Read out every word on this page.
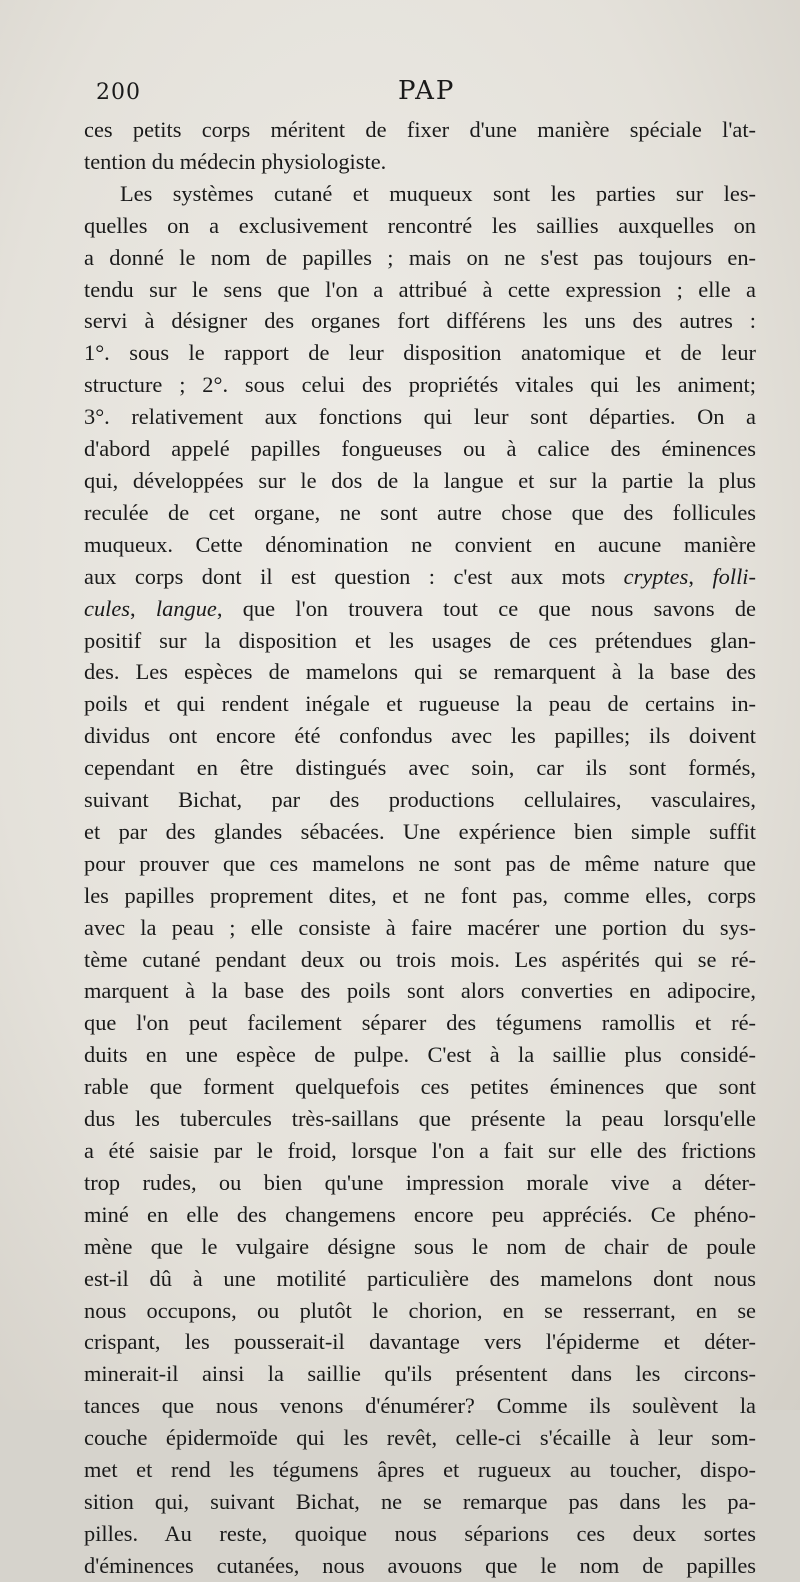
200	PAP
ces petits corps méritent de fixer d'une manière spéciale l'at-
tention du médecin physiologiste.
Les systèmes cutané et muqueux sont les parties sur les-
quelles on a exclusivement rencontré les saillies auxquelles on
a donné le nom de papilles ; mais on ne s'est pas toujours en-
tendu sur le sens que l'on a attribué à cette expression ; elle a
servi à désigner des organes fort différens les uns des autres :
1°. sous le rapport de leur disposition anatomique et de leur
structure ; 2°. sous celui des propriétés vitales qui les animent;
3°. relativement aux fonctions qui leur sont départies. On a
d'abord appelé papilles fongueuses ou à calice des éminences
qui, développées sur le dos de la langue et sur la partie la plus
reculée de cet organe, ne sont autre chose que des follicules
muqueux. Cette dénomination ne convient en aucune manière
aux corps dont il est question : c'est aux mots cryptes, folli-
cules, langue, que l'on trouvera tout ce que nous savons de
positif sur la disposition et les usages de ces prétendues glan-
des. Les espèces de mamelons qui se remarquent à la base des
poils et qui rendent inégale et rugueuse la peau de certains in-
dividus ont encore été confondus avec les papilles; ils doivent
cependant en être distingués avec soin, car ils sont formés,
suivant Bichat, par des productions cellulaires, vasculaires,
et par des glandes sébacées. Une expérience bien simple suffit
pour prouver que ces mamelons ne sont pas de même nature que
les papilles proprement dites, et ne font pas, comme elles, corps
avec la peau ; elle consiste à faire macérer une portion du sys-
tème cutané pendant deux ou trois mois. Les aspérités qui se ré-
marquent à la base des poils sont alors converties en adipocire,
que l'on peut facilement séparer des tégumens ramollis et ré-
duits en une espèce de pulpe. C'est à la saillie plus considé-
rable que forment quelquefois ces petites éminences que sont
dus les tubercules très-saillans que présente la peau lorsqu'elle
a été saisie par le froid, lorsque l'on a fait sur elle des frictions
trop rudes, ou bien qu'une impression morale vive a déter-
miné en elle des changemens encore peu appréciés. Ce phéno-
mène que le vulgaire désigne sous le nom de chair de poule
est-il dû à une motilité particulière des mamelons dont nous
nous occupons, ou plutôt le chorion, en se resserrant, en se
crispant, les pousserait-il davantage vers l'épiderme et déter-
minerait-il ainsi la saillie qu'ils présentent dans les circons-
tances que nous venons d'énumérer? Comme ils soulèvent la
couche épidermoïde qui les revêt, celle-ci s'écaille à leur som-
met et rend les tégumens âpres et rugueux au toucher, dispo-
sition qui, suivant Bichat, ne se remarque pas dans les pa-
pilles. Au reste, quoique nous séparions ces deux sortes
d'éminences cutanées, nous avouons que le nom de papilles
